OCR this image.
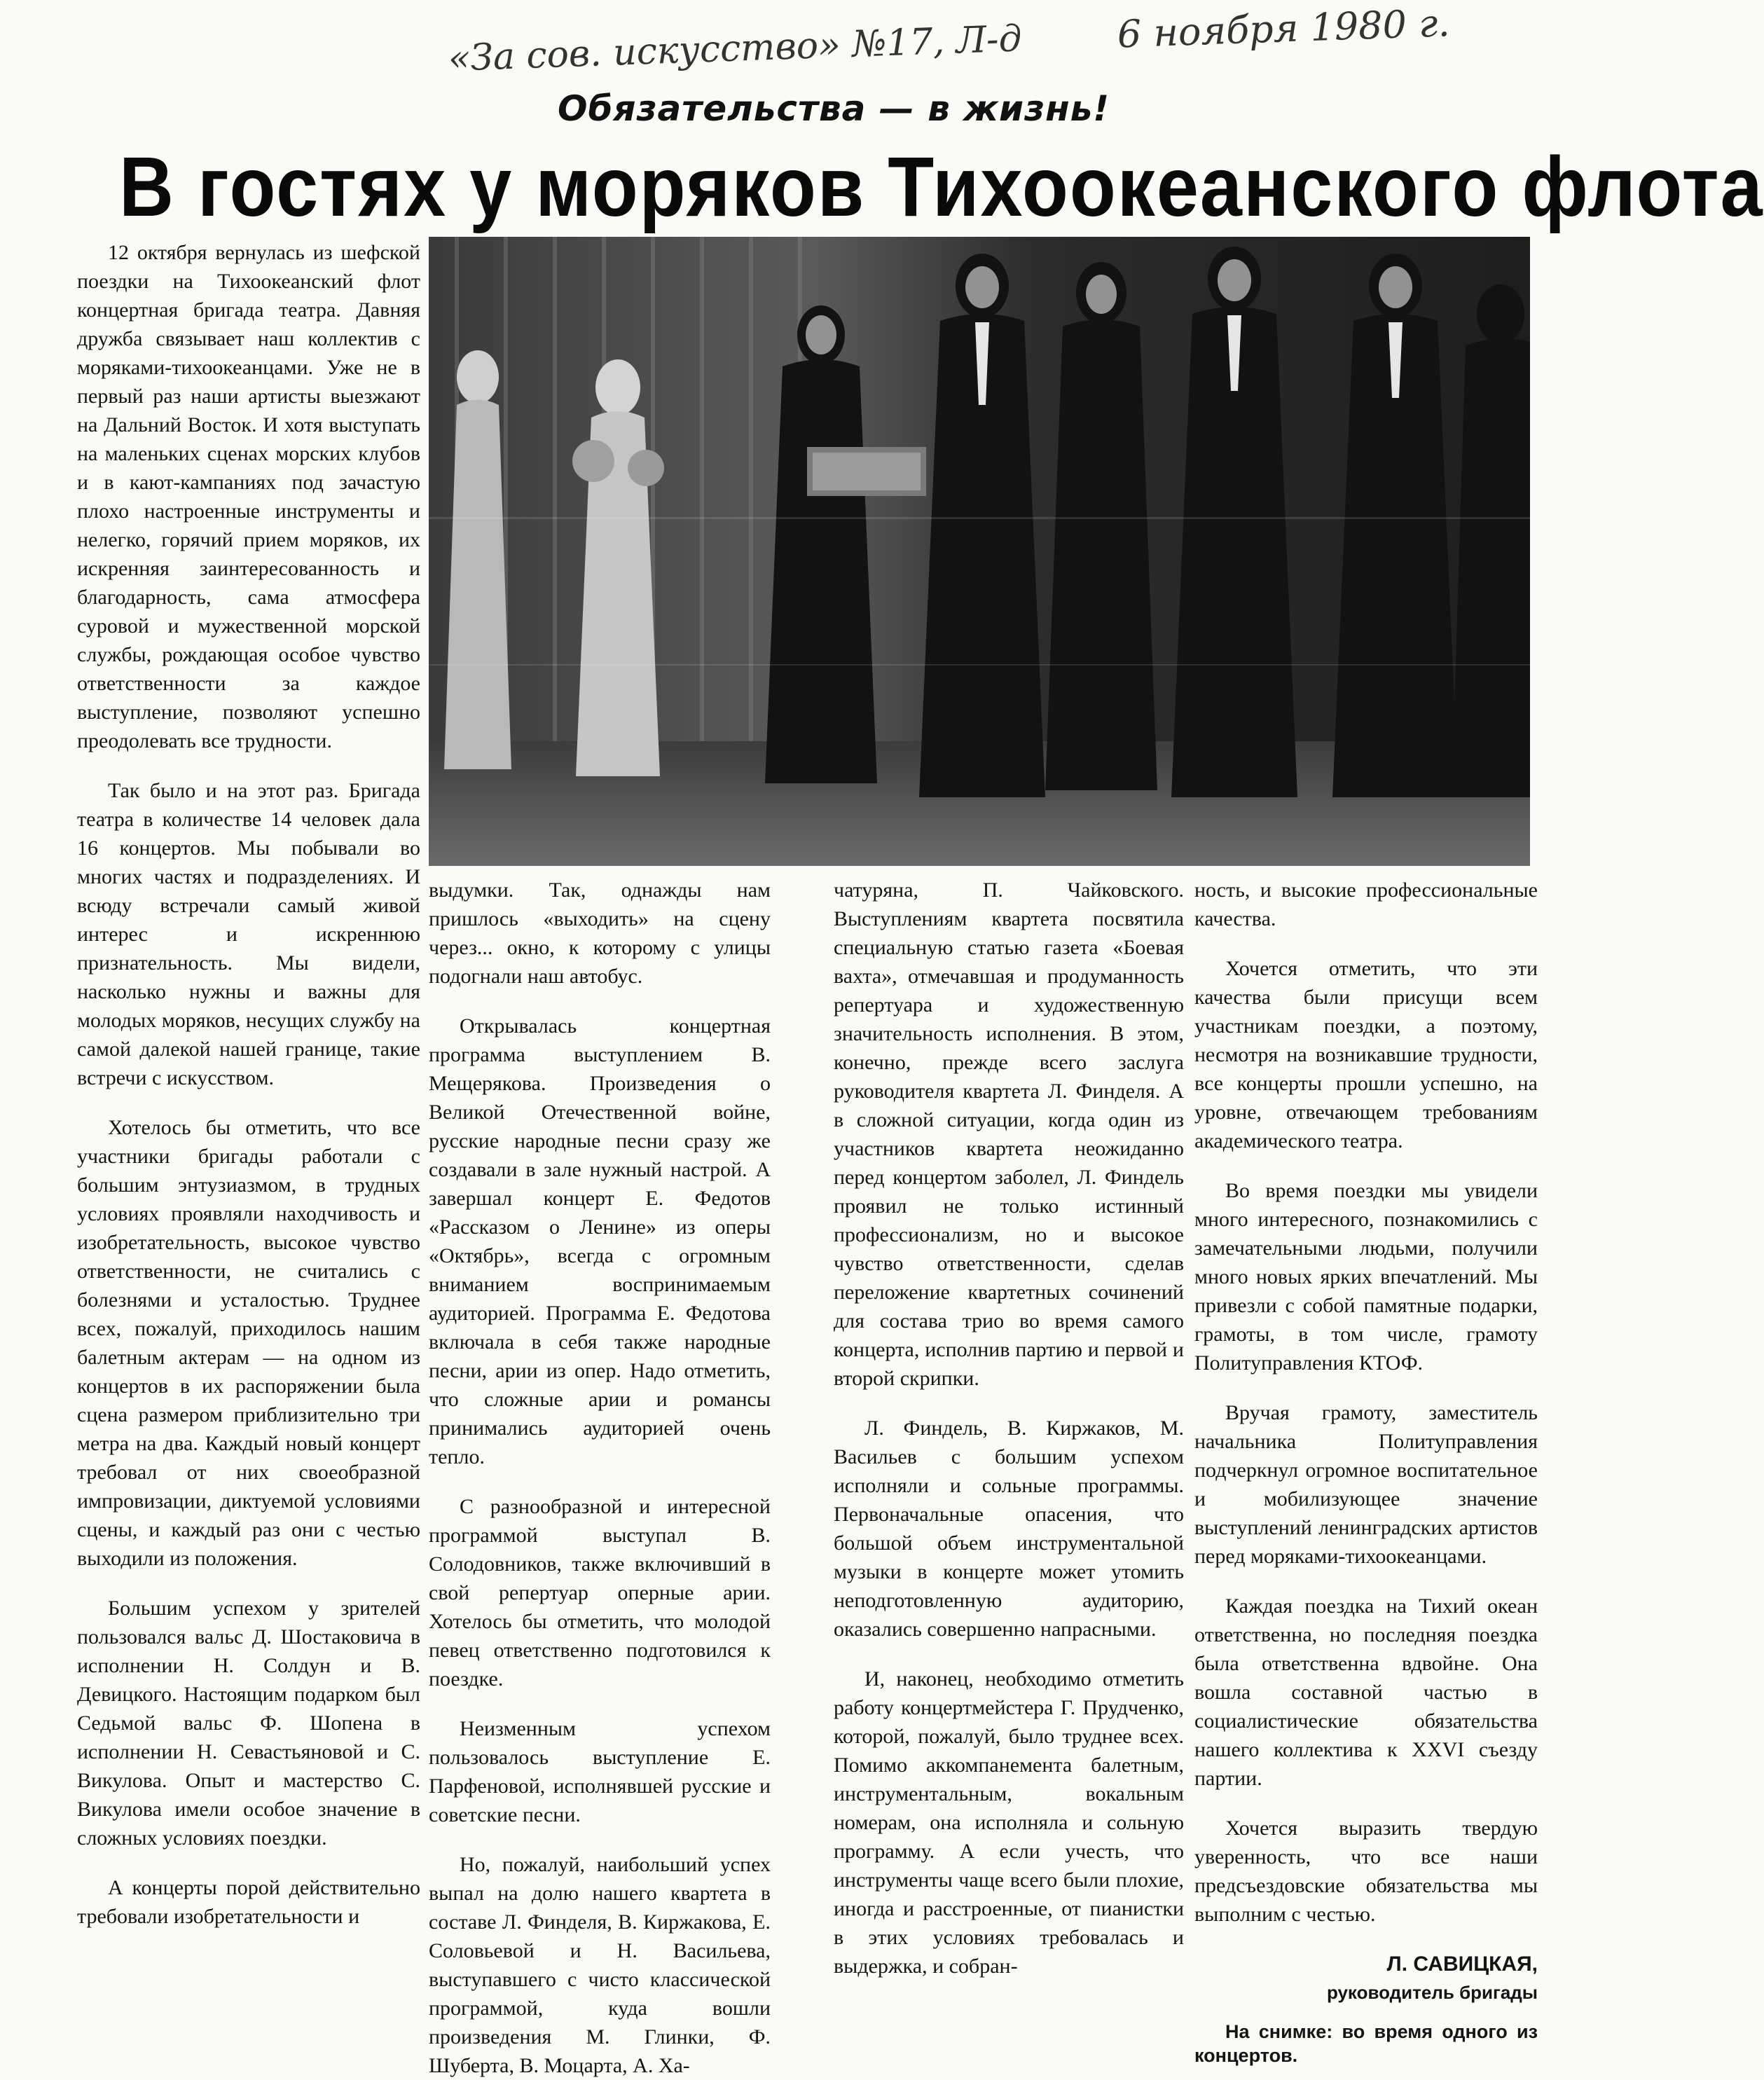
«За сов. искусство» №17, Л-д 6 ноября 1980 г.
Обязательства — в жизнь!
В гостях у моряков Тихоокеанского флота

12 октября вернулась из шефской поездки на Тихоокеанский флот концертная бригада театра. Давняя дружба связывает наш коллектив с моряками-тихоокеанцами. Уже не в первый раз наши артисты выезжают на Дальний Восток. И хотя выступать на маленьких сценах морских клубов и в кают-кампаниях под зачастую плохо настроенные инструменты и нелегко, горячий прием моряков, их искренняя заинтересованность и благодарность, сама атмосфера суровой и мужественной морской службы, рождающая особое чувство ответственности за каждое выступление, позволяют успешно преодолевать все трудности.

Так было и на этот раз. Бригада театра в количестве 14 человек дала 16 концертов. Мы побывали во многих частях и подразделениях. И всюду встречали самый живой интерес и искреннюю признательность. Мы видели, насколько нужны и важны для молодых моряков, несущих службу на самой далекой нашей границе, такие встречи с искусством.

Хотелось бы отметить, что все участники бригады работали с большим энтузиазмом, в трудных условиях проявляли находчивость и изобретательность, высокое чувство ответственности, не считались с болезнями и усталостью. Труднее всех, пожалуй, приходилось нашим балетным актерам — на одном из концертов в их распоряжении была сцена размером приблизительно три метра на два. Каждый новый концерт требовал от них своеобразной импровизации, диктуемой условиями сцены, и каждый раз они с честью выходили из положения.

Большим успехом у зрителей пользовался вальс Д. Шостаковича в исполнении Н. Солдун и В. Девицкого. Настоящим подарком был Седьмой вальс Ф. Шопена в исполнении Н. Севастьяновой и С. Викулова. Опыт и мастерство С. Викулова имели особое значение в сложных условиях поездки.

А концерты порой действительно требовали изобретательности и

выдумки. Так, однажды нам пришлось «выходить» на сцену через... окно, к которому с улицы подогнали наш автобус.

Открывалась концертная программа выступлением В. Мещерякова. Произведения о Великой Отечественной войне, русские народные песни сразу же создавали в зале нужный настрой. А завершал концерт Е. Федотов «Рассказом о Ленине» из оперы «Октябрь», всегда с огромным вниманием воспринимаемым аудиторией. Программа Е. Федотова включала в себя также народные песни, арии из опер. Надо отметить, что сложные арии и романсы принимались аудиторией очень тепло.

С разнообразной и интересной программой выступал В. Солодовников, также включивший в свой репертуар оперные арии. Хотелось бы отметить, что молодой певец ответственно подготовился к поездке.

Неизменным успехом пользовалось выступление Е. Парфеновой, исполнявшей русские и советские песни.

Но, пожалуй, наибольший успех выпал на долю нашего квартета в составе Л. Финделя, В. Киржакова, Е. Соловьевой и Н. Васильева, выступавшего с чисто классической программой, куда вошли произведения М. Глинки, Ф. Шуберта, В. Моцарта, А. Ха-

чатуряна, П. Чайковского. Выступлениям квартета посвятила специальную статью газета «Боевая вахта», отмечавшая и продуманность репертуара и художественную значительность исполнения. В этом, конечно, прежде всего заслуга руководителя квартета Л. Финделя. А в сложной ситуации, когда один из участников квартета неожиданно перед концертом заболел, Л. Финдель проявил не только истинный профессионализм, но и высокое чувство ответственности, сделав переложение квартетных сочинений для состава трио во время самого концерта, исполнив партию и первой и второй скрипки.

Л. Финдель, В. Киржаков, М. Васильев с большим успехом исполняли и сольные программы. Первоначальные опасения, что большой объем инструментальной музыки в концерте может утомить неподготовленную аудиторию, оказались совершенно напрасными.

И, наконец, необходимо отметить работу концертмейстера Г. Прудченко, которой, пожалуй, было труднее всех. Помимо аккомпанемента балетным, инструментальным, вокальным номерам, она исполняла и сольную программу. А если учесть, что инструменты чаще всего были плохие, иногда и расстроенные, от пианистки в этих условиях требовалась и выдержка, и собран-

ность, и высокие профессиональные качества.

Хочется отметить, что эти качества были присущи всем участникам поездки, а поэтому, несмотря на возникавшие трудности, все концерты прошли успешно, на уровне, отвечающем требованиям академического театра.

Во время поездки мы увидели много интересного, познакомились с замечательными людьми, получили много новых ярких впечатлений. Мы привезли с собой памятные подарки, грамоты, в том числе, грамоту Политуправления КТОФ.

Вручая грамоту, заместитель начальника Политуправления подчеркнул огромное воспитательное и мобилизующее значение выступлений ленинградских артистов перед моряками-тихоокеанцами.

Каждая поездка на Тихий океан ответственна, но последняя поездка была ответственна вдвойне. Она вошла составной частью в социалистические обязательства нашего коллектива к XXVI съезду партии.

Хочется выразить твердую уверенность, что все наши предсъездовские обязательства мы выполним с честью.

Л. САВИЦКАЯ,
руководитель бригады

На снимке: во время одного из концертов.
